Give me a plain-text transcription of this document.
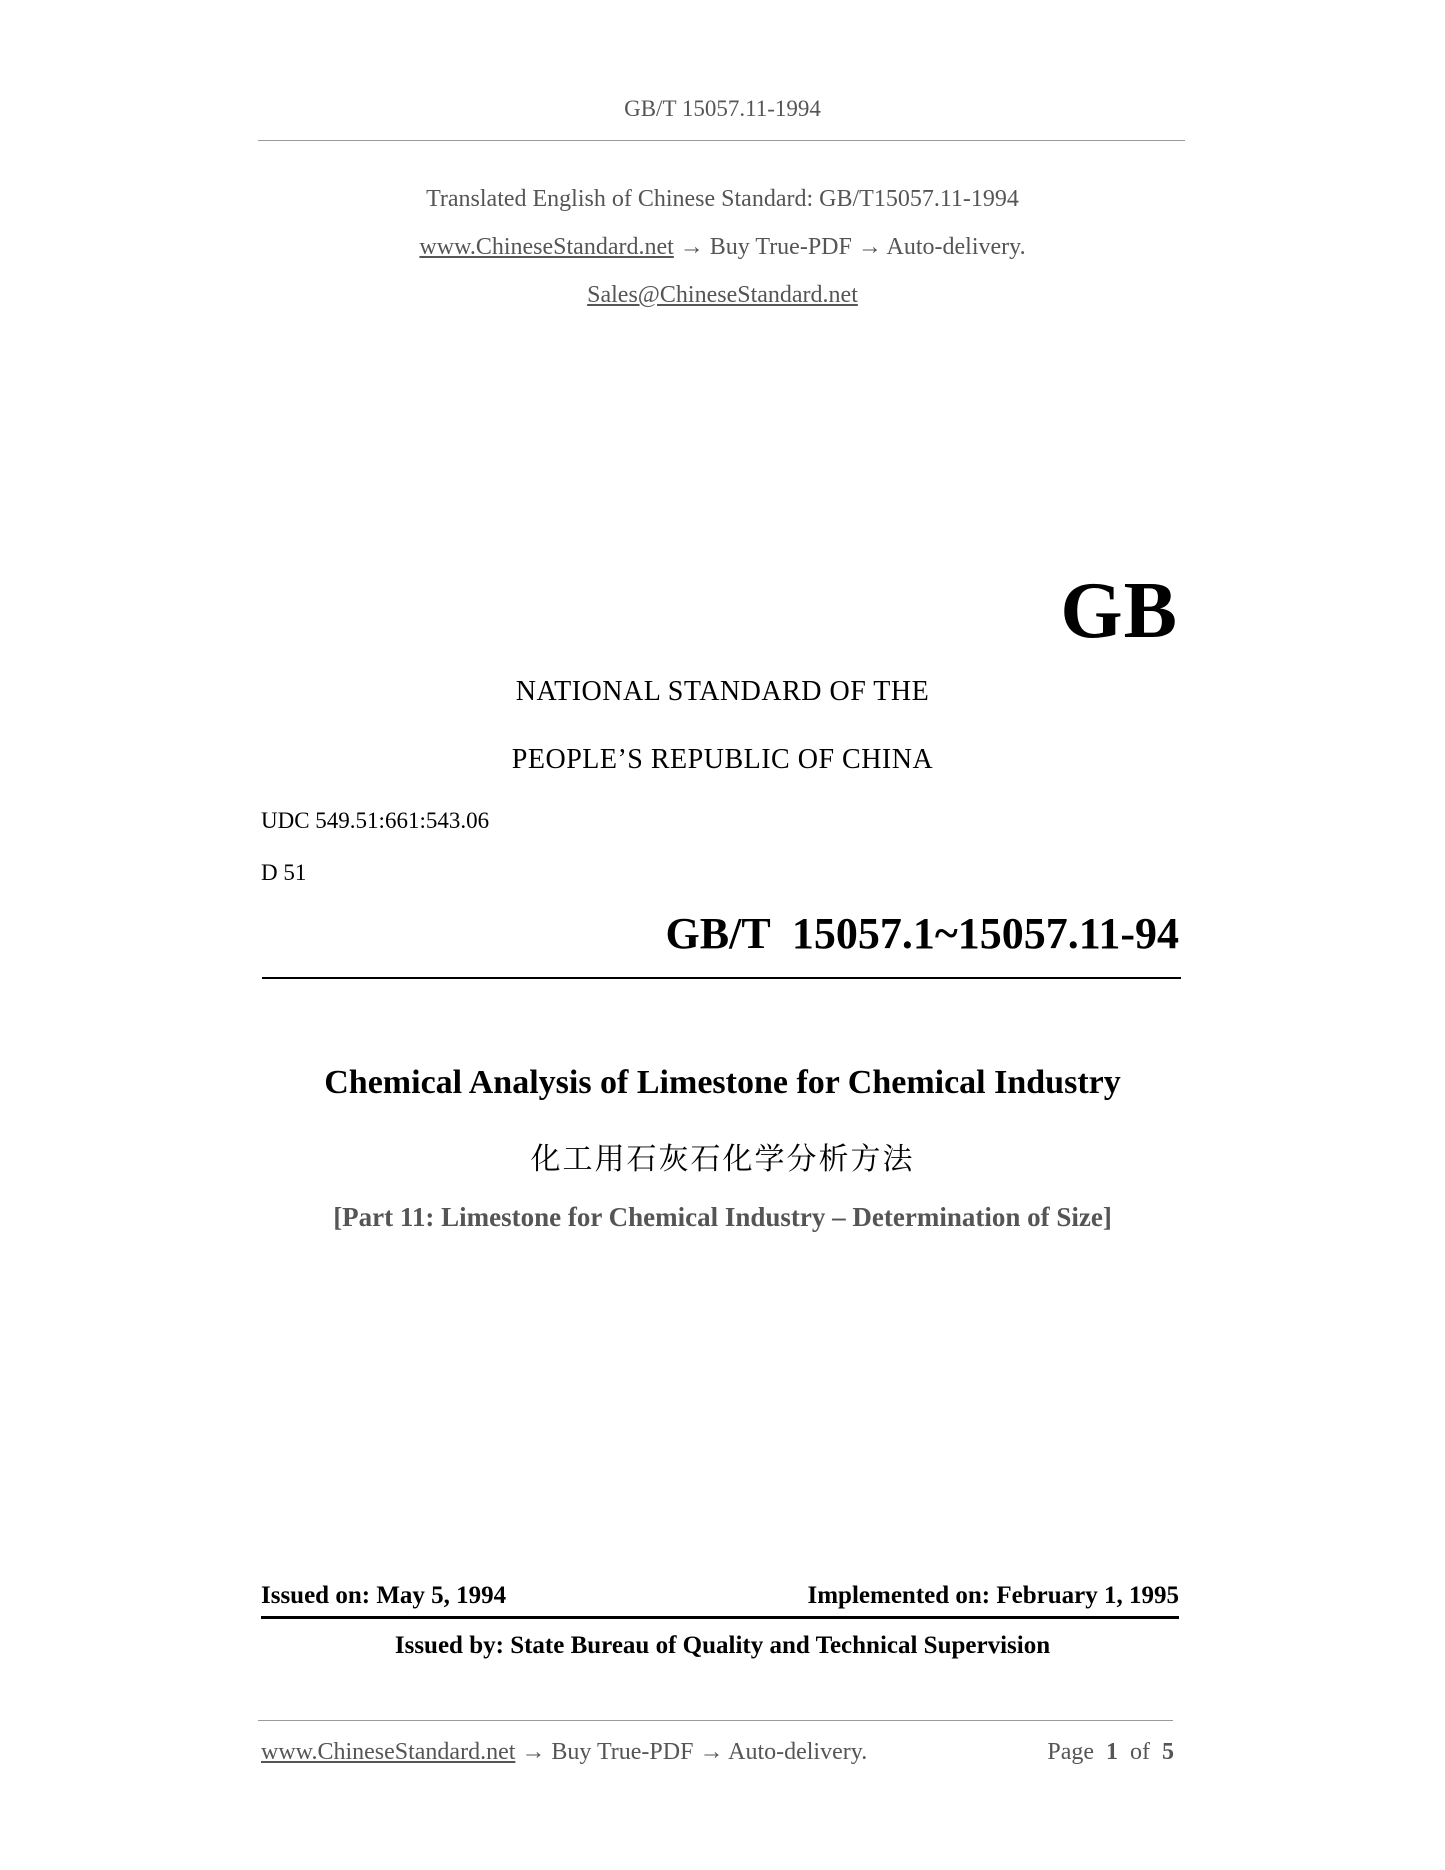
GB/T 15057.11-1994
Translated English of Chinese Standard: GB/T15057.11-1994
www.ChineseStandard.net → Buy True-PDF → Auto-delivery.
Sales@ChineseStandard.net
GB
NATIONAL STANDARD OF THE
PEOPLE’S REPUBLIC OF CHINA
UDC 549.51:661:543.06
D 51
GB/T  15057.1~15057.11-94
Chemical Analysis of Limestone for Chemical Industry
化工用石灰石化学分析方法
[Part 11: Limestone for Chemical Industry – Determination of Size]
Issued on: May 5, 1994	Implemented on: February 1, 1995
Issued by: State Bureau of Quality and Technical Supervision
www.ChineseStandard.net → Buy True-PDF → Auto-delivery.	Page 1 of 5
